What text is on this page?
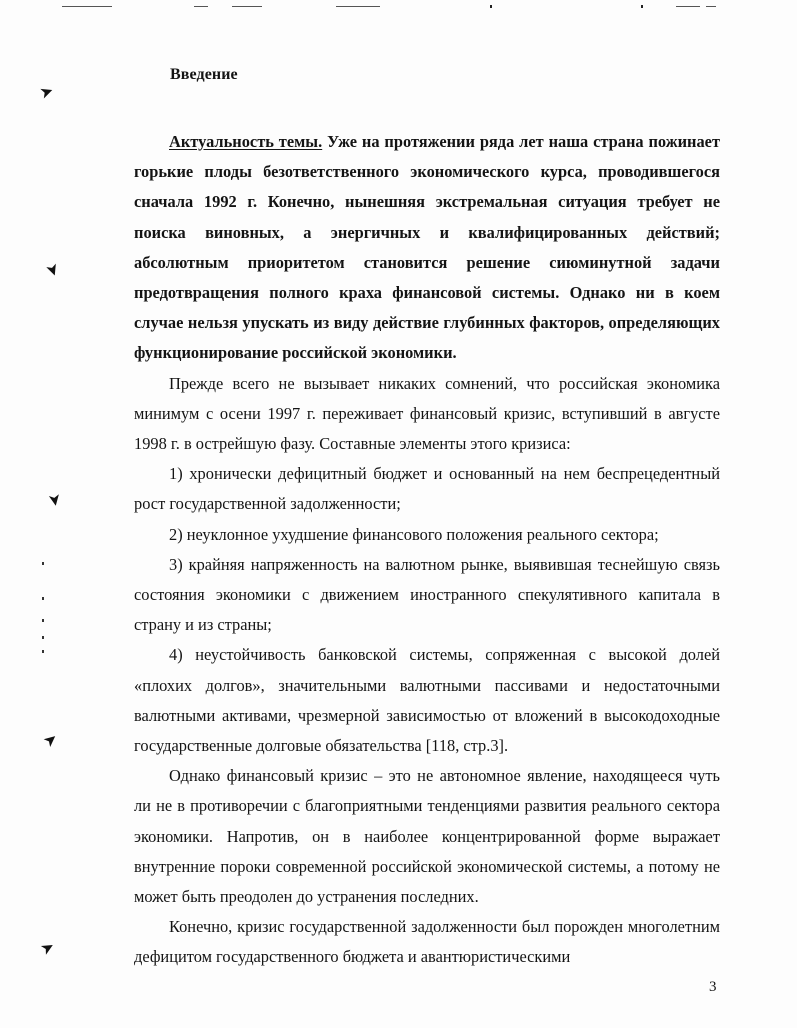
➤
➤
➤
➤
➤
Введение

Актуальность темы. Уже на протяжении ряда лет наша страна пожинает горькие плоды безответственного экономического курса, проводившегося сначала 1992 г. Конечно, нынешняя экстремальная ситуация требует не поиска виновных, а энергичных и квалифицированных действий; абсолютным приоритетом становится решение сиюминутной задачи предотвращения полного краха финансовой системы. Однако ни в коем случае нельзя упускать из виду действие глубинных факторов, определяющих функционирование российской экономики.

Прежде всего не вызывает никаких сомнений, что российская экономика минимум с осени 1997 г. переживает финансовый кризис, вступивший в августе 1998 г. в острейшую фазу. Составные элементы этого кризиса:

1) хронически дефицитный бюджет и основанный на нем беспрецедентный рост государственной задолженности;

2) неуклонное ухудшение финансового положения реального сектора;

3) крайняя напряженность на валютном рынке, выявившая теснейшую связь состояния экономики с движением иностранного спекулятивного капитала в страну и из страны;

4) неустойчивость банковской системы, сопряженная с высокой долей «плохих долгов», значительными валютными пассивами и недостаточными валютными активами, чрезмерной зависимостью от вложений в высокодоходные государственные долговые обязательства [118, стр.3].

Однако финансовый кризис – это не автономное явление, находящееся чуть ли не в противоречии с благоприятными тенденциями развития реального сектора экономики. Напротив, он в наиболее концентрированной форме выражает внутренние пороки современной российской экономической системы, а потому не может быть преодолен до устранения последних.

Конечно, кризис государственной задолженности был порожден многолетним дефицитом государственного бюджета и авантюристическими

3
